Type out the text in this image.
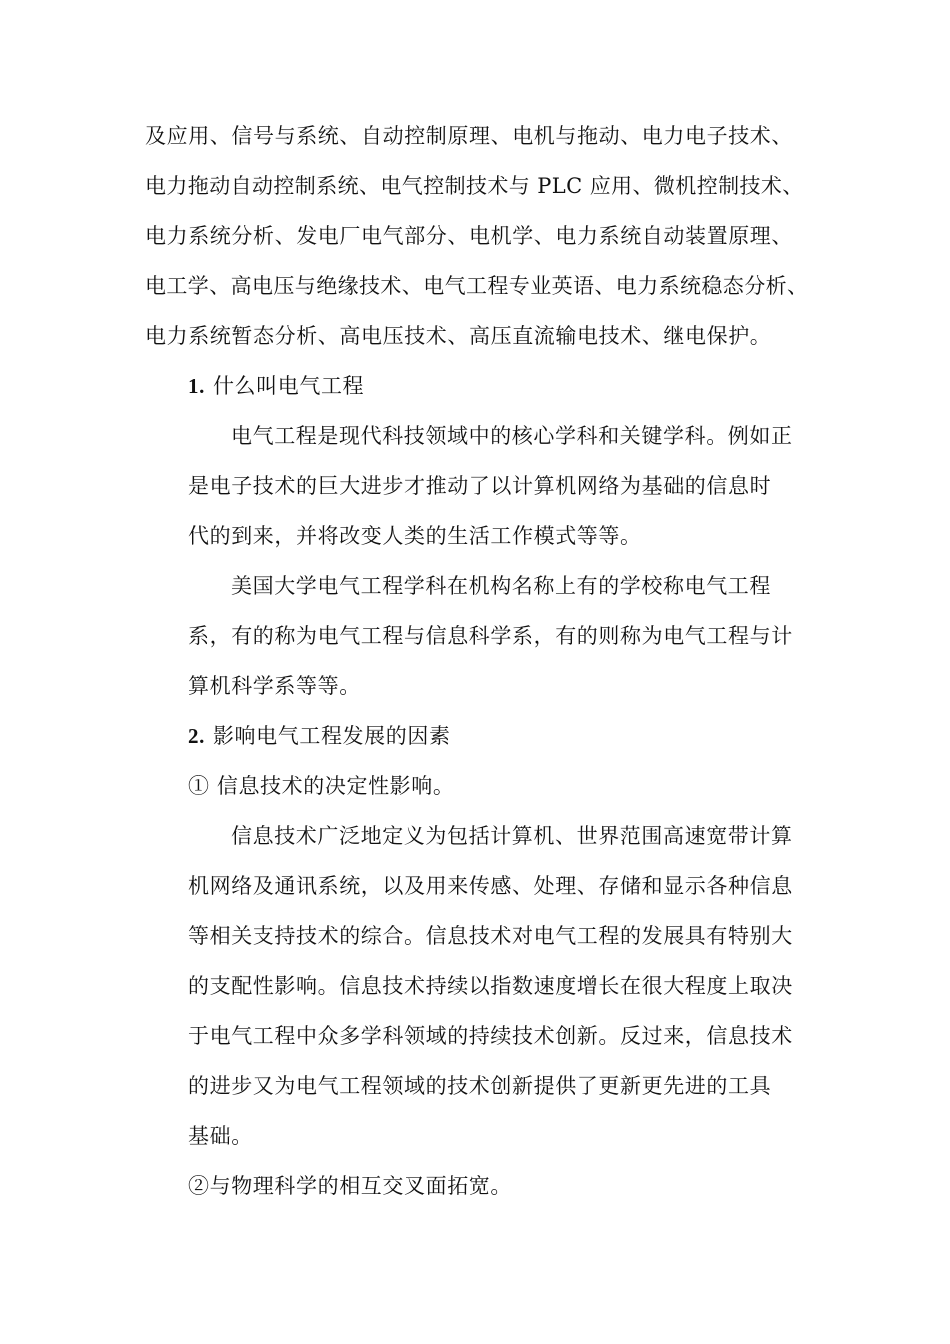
及应用、信号与系统、自动控制原理、电机与拖动、电力电子技术、
电力拖动自动控制系统、电气控制技术与 PLC 应用、微机控制技术、
电力系统分析、发电厂电气部分、电机学、电力系统自动装置原理、
电工学、高电压与绝缘技术、电气工程专业英语、电力系统稳态分析、
电力系统暂态分析、高电压技术、高压直流输电技术、继电保护。
1. 什么叫电气工程
电气工程是现代科技领域中的核心学科和关键学科。例如正
是电子技术的巨大进步才推动了以计算机网络为基础的信息时
代的到来，并将改变人类的生活工作模式等等。
美国大学电气工程学科在机构名称上有的学校称电气工程
系，有的称为电气工程与信息科学系，有的则称为电气工程与计
算机科学系等等。
2. 影响电气工程发展的因素
① 信息技术的决定性影响。
信息技术广泛地定义为包括计算机、世界范围高速宽带计算
机网络及通讯系统，以及用来传感、处理、存储和显示各种信息
等相关支持技术的综合。信息技术对电气工程的发展具有特别大
的支配性影响。信息技术持续以指数速度增长在很大程度上取决
于电气工程中众多学科领域的持续技术创新。反过来，信息技术
的进步又为电气工程领域的技术创新提供了更新更先进的工具
基础。
②与物理科学的相互交叉面拓宽。
